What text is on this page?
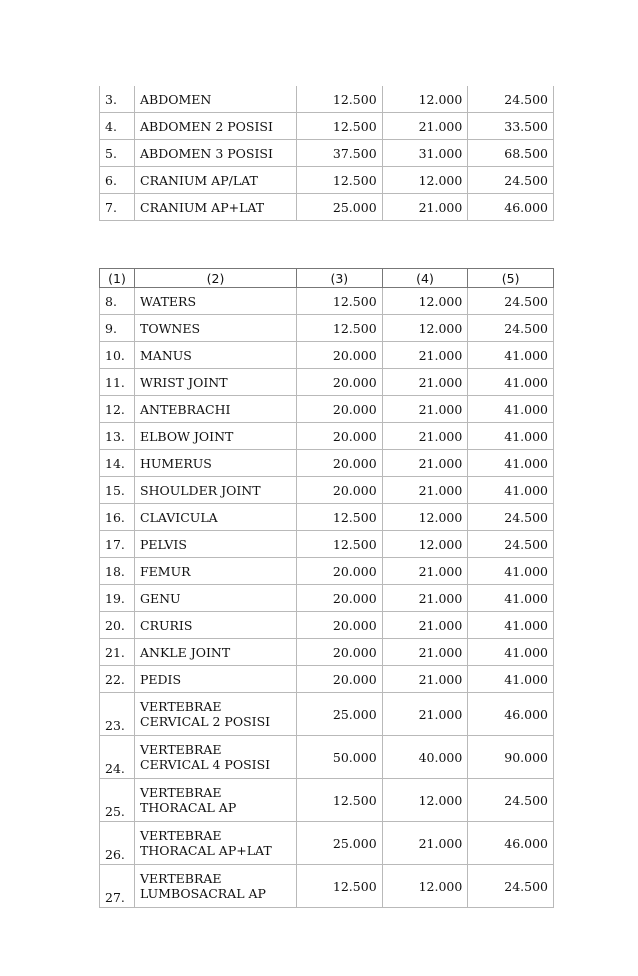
3.	ABDOMEN	12.500	12.000	24.500
4.	ABDOMEN 2 POSISI	12.500	21.000	33.500
5.	ABDOMEN 3 POSISI	37.500	31.000	68.500
6.	CRANIUM AP/LAT	12.500	12.000	24.500
7.	CRANIUM AP+LAT	25.000	21.000	46.000
(1)	(2)	(3)	(4)	(5)
8.	WATERS	12.500	12.000	24.500
9.	TOWNES	12.500	12.000	24.500
10.	MANUS	20.000	21.000	41.000
11.	WRIST JOINT	20.000	21.000	41.000
12.	ANTEBRACHI	20.000	21.000	41.000
13.	ELBOW JOINT	20.000	21.000	41.000
14.	HUMERUS	20.000	21.000	41.000
15.	SHOULDER JOINT	20.000	21.000	41.000
16.	CLAVICULA	12.500	12.000	24.500
17.	PELVIS	12.500	12.000	24.500
18.	FEMUR	20.000	21.000	41.000
19.	GENU	20.000	21.000	41.000
20.	CRURIS	20.000	21.000	41.000
21.	ANKLE JOINT	20.000	21.000	41.000
22.	PEDIS	20.000	21.000	41.000
23.	VERTEBRAE CERVICAL 2 POSISI	25.000	21.000	46.000
24.	VERTEBRAE CERVICAL 4 POSISI	50.000	40.000	90.000
25.	VERTEBRAE THORACAL AP	12.500	12.000	24.500
26.	VERTEBRAE THORACAL AP+LAT	25.000	21.000	46.000
27.	VERTEBRAE LUMBOSACRAL AP	12.500	12.000	24.500
